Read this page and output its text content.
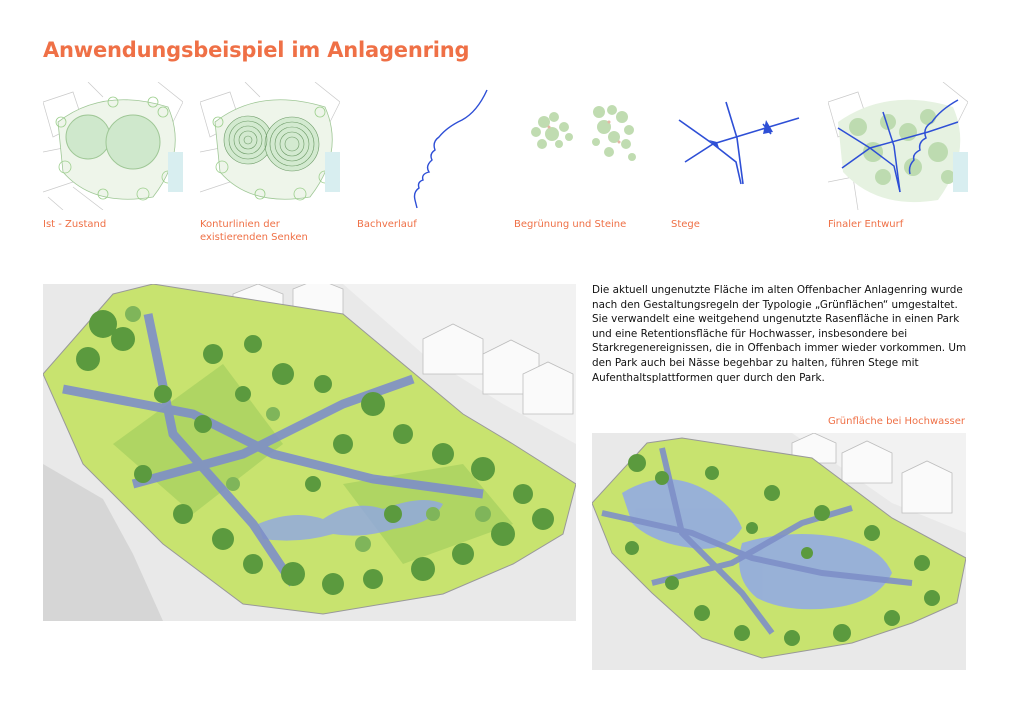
Anwendungsbeispiel im Anlagenring
Ist - Zustand	Konturlinien der existierenden Senken
Bachverlauf	Begrünung und Steine	Stege	Finaler Entwurf
Die aktuell ungenutzte Fläche im alten Offenbacher Anlagenring wurde nach den Gestaltungsregeln der Typologie „Grünflächen“ umgestaltet. Sie verwandelt eine weitgehend ungenutzte Rasenfläche in einen Park und eine Retentionsfläche für Hochwasser, insbesondere bei Starkregenereignissen, die in Offenbach immer wieder vorkommen. Um den Park auch bei Nässe begehbar zu halten, führen Stege mit Aufenthaltsplattformen quer durch den Park.
Grünfläche bei Hochwasser
